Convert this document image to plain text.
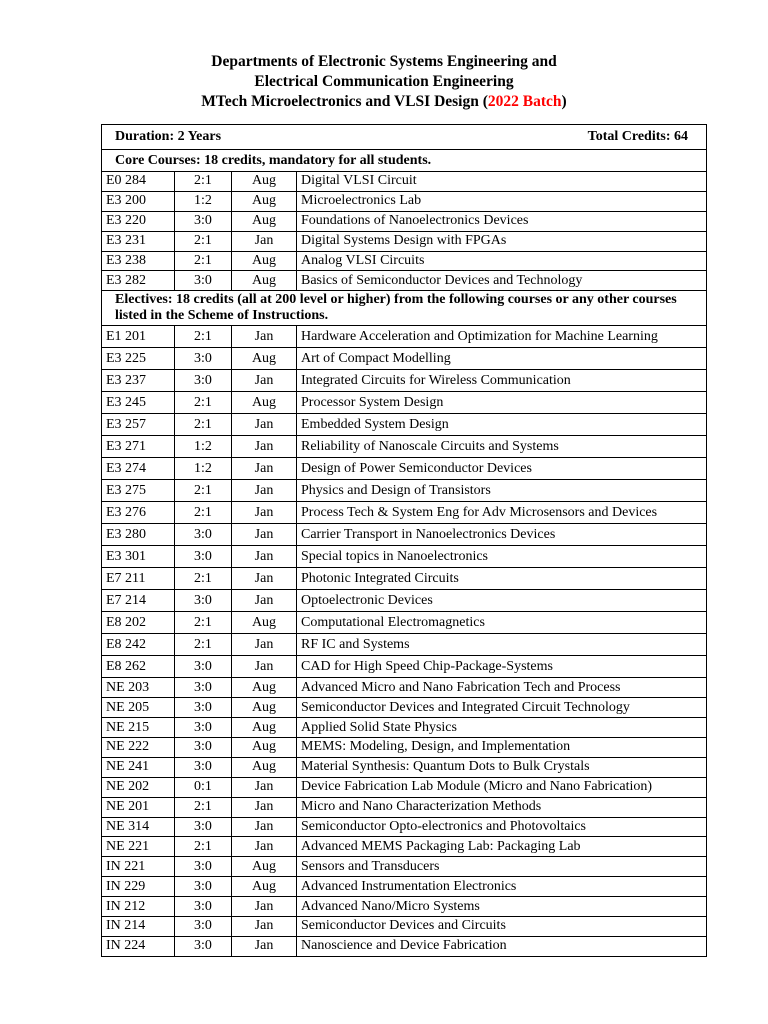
Departments of Electronic Systems Engineering and
Electrical Communication Engineering
MTech Microelectronics and VLSI Design (2022 Batch)
Duration: 2 Years Total Credits: 64			

Core Courses: 18 credits, mandatory for all students.			
E0 284	2:1	Aug	Digital VLSI Circuit
E3 200	1:2	Aug	Microelectronics Lab
E3 220	3:0	Aug	Foundations of Nanoelectronics Devices
E3 231	2:1	Jan	Digital Systems Design with FPGAs
E3 238	2:1	Aug	Analog VLSI Circuits
E3 282	3:0	Aug	Basics of Semiconductor Devices and Technology
Electives: 18 credits (all at 200 level or higher) from the following courses or any other courses listed in the Scheme of Instructions.			
E1 201	2:1	Jan	Hardware Acceleration and Optimization for Machine Learning
E3 225	3:0	Aug	Art of Compact Modelling
E3 237	3:0	Jan	Integrated Circuits for Wireless Communication
E3 245	2:1	Aug	Processor System Design
E3 257	2:1	Jan	Embedded System Design
E3 271	1:2	Jan	Reliability of Nanoscale Circuits and Systems
E3 274	1:2	Jan	Design of Power Semiconductor Devices
E3 275	2:1	Jan	Physics and Design of Transistors
E3 276	2:1	Jan	Process Tech & System Eng for Adv Microsensors and Devices
E3 280	3:0	Jan	Carrier Transport in Nanoelectronics Devices
E3 301	3:0	Jan	Special topics in Nanoelectronics
E7 211	2:1	Jan	Photonic Integrated Circuits
E7 214	3:0	Jan	Optoelectronic Devices
E8 202	2:1	Aug	Computational Electromagnetics
E8 242	2:1	Jan	RF IC and Systems
E8 262	3:0	Jan	CAD for High Speed Chip-Package-Systems
NE 203	3:0	Aug	Advanced Micro and Nano Fabrication Tech and Process
NE 205	3:0	Aug	Semiconductor Devices and Integrated Circuit Technology
NE 215	3:0	Aug	Applied Solid State Physics
NE 222	3:0	Aug	MEMS: Modeling, Design, and Implementation
NE 241	3:0	Aug	Material Synthesis: Quantum Dots to Bulk Crystals
NE 202	0:1	Jan	Device Fabrication Lab Module (Micro and Nano Fabrication)
NE 201	2:1	Jan	Micro and Nano Characterization Methods
NE 314	3:0	Jan	Semiconductor Opto-electronics and Photovoltaics
NE 221	2:1	Jan	Advanced MEMS Packaging Lab: Packaging Lab
IN 221	3:0	Aug	Sensors and Transducers
IN 229	3:0	Aug	Advanced Instrumentation Electronics
IN 212	3:0	Jan	Advanced Nano/Micro Systems
IN 214	3:0	Jan	Semiconductor Devices and Circuits
IN 224	3:0	Jan	Nanoscience and Device Fabrication
